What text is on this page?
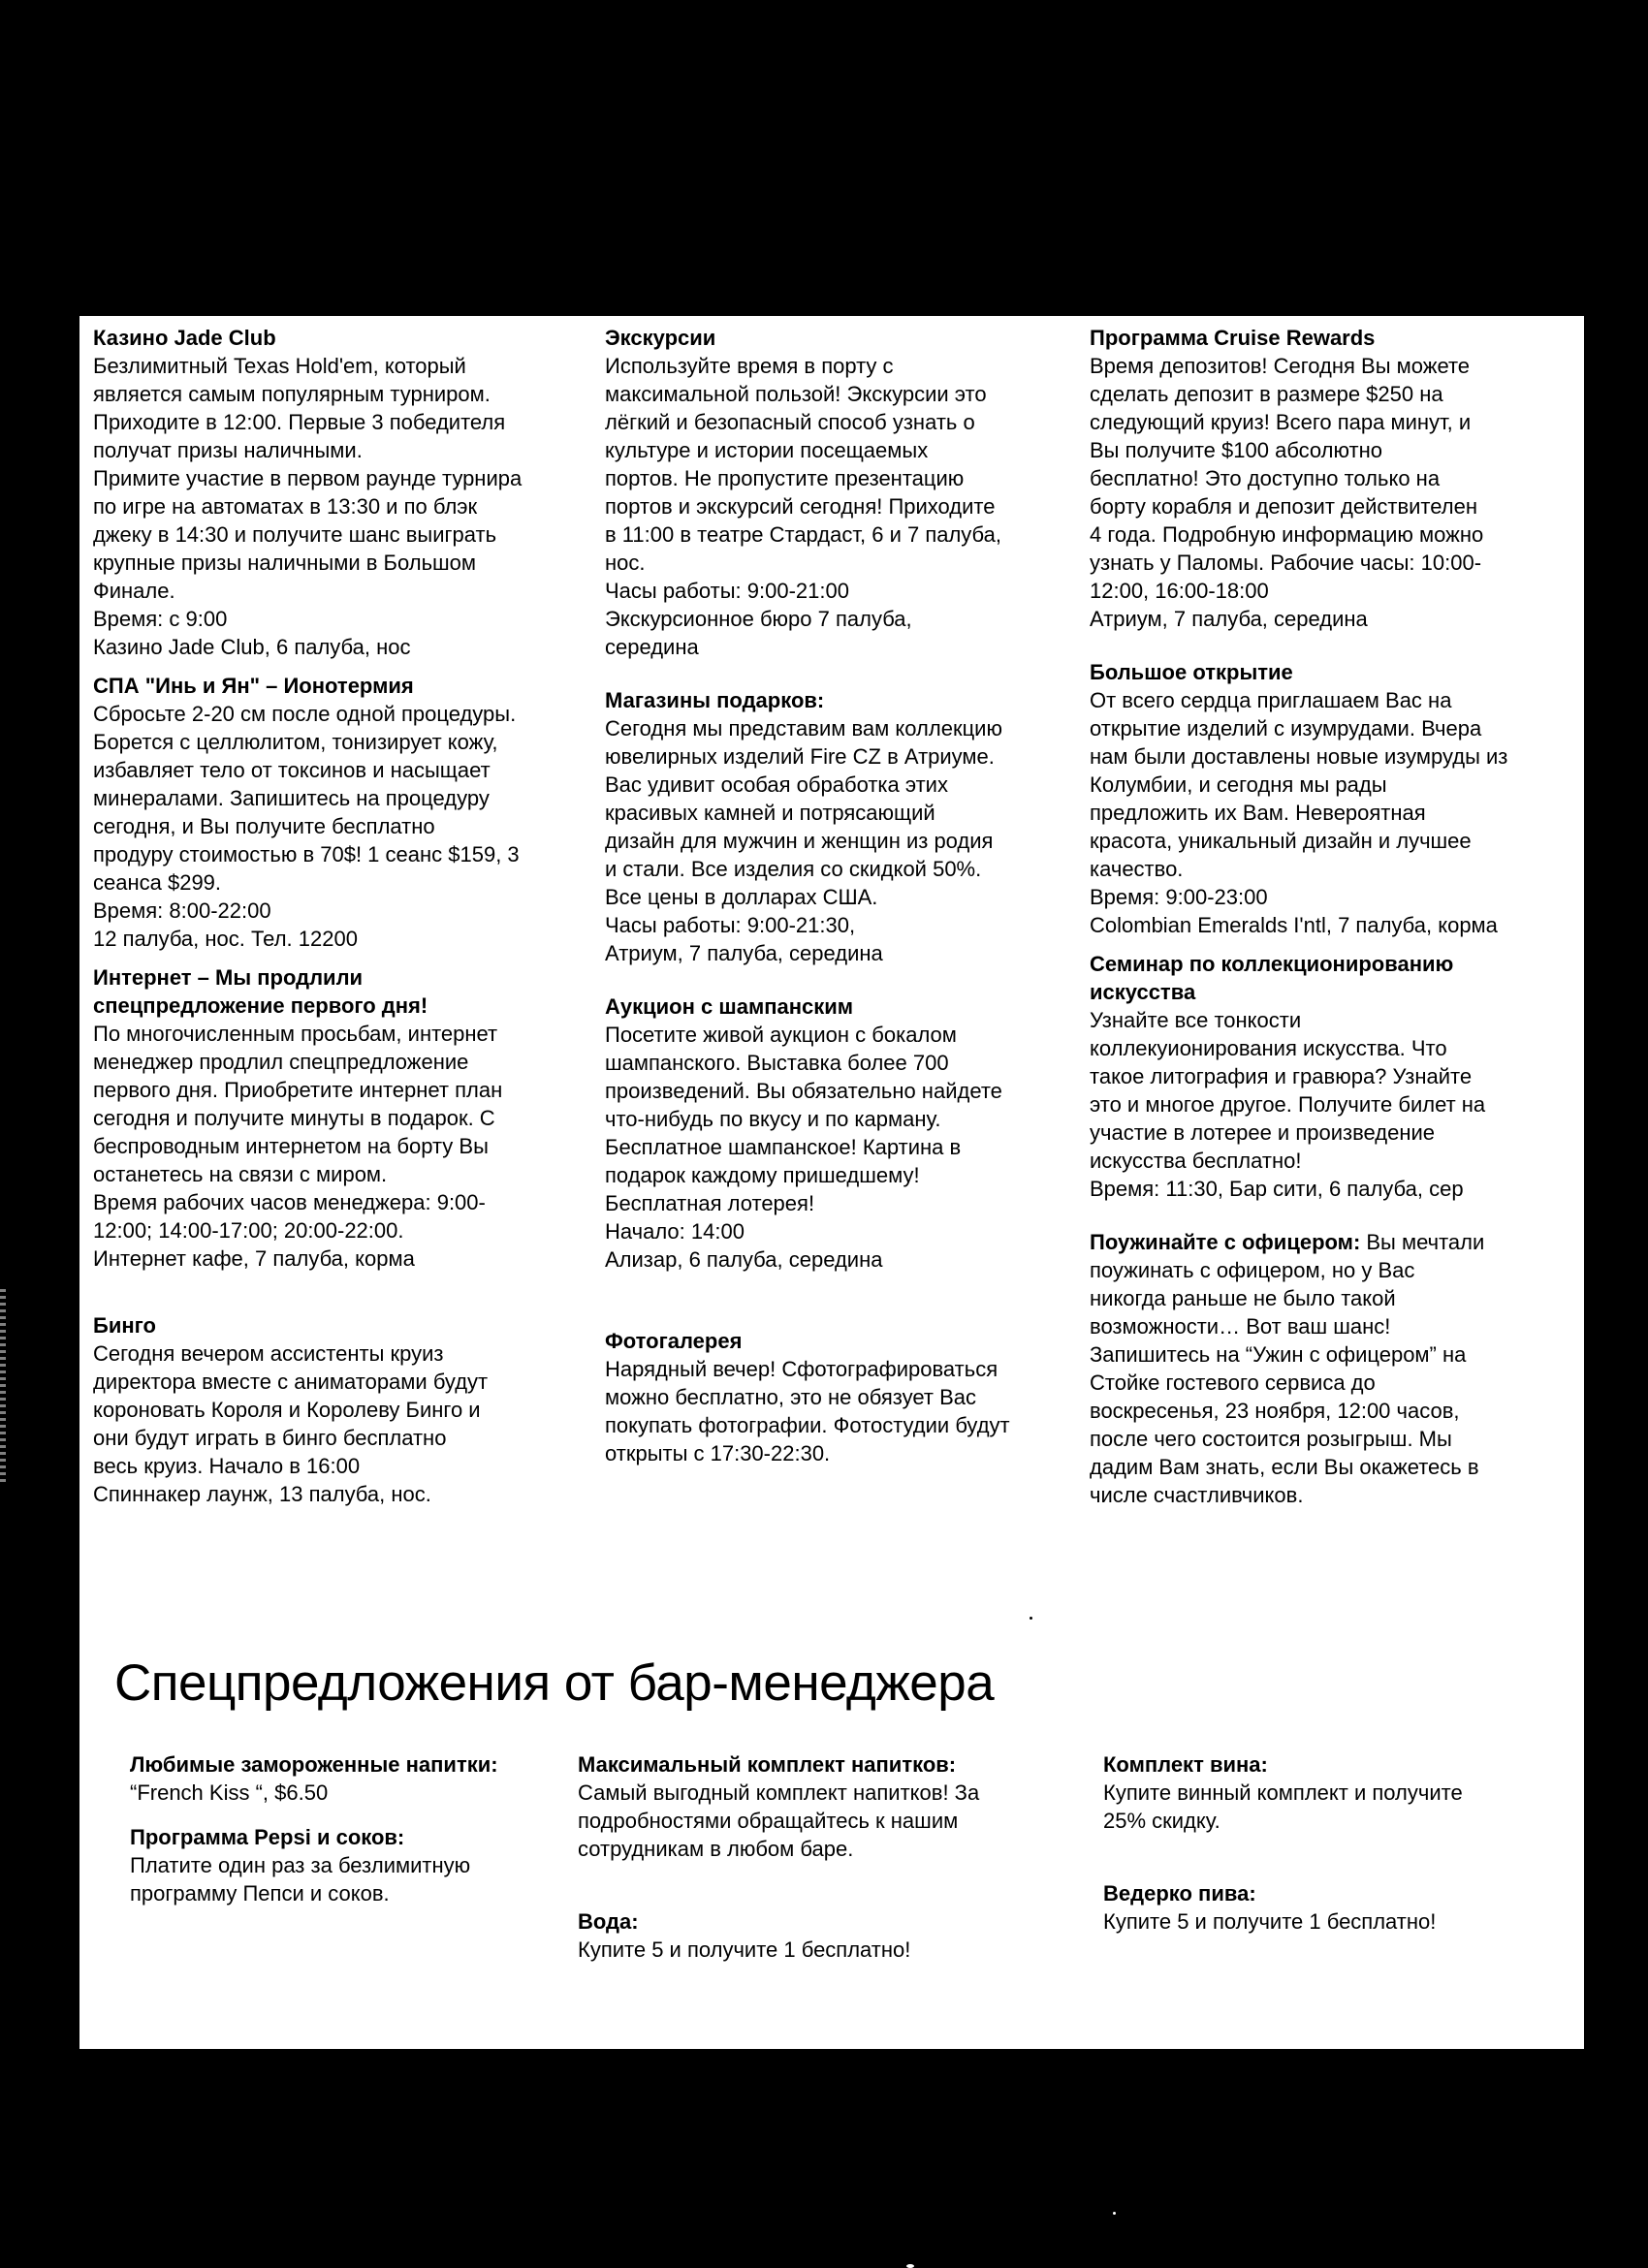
Казино Jade Club

Безлимитный Texas Hold'em, который
является самым популярным турниром.
Приходите в 12:00. Первые 3 победителя
получат призы наличными.
Примите участие в первом раунде турнира
по игре на автоматах в 13:30 и по блэк
джеку в 14:30 и получите шанс выиграть
крупные призы наличными в Большом
Финале.
Время: с 9:00
Казино Jade Club, 6 палуба, нос

СПА "Инь и Ян" – Ионотермия

Сбросьте 2-20 см после одной процедуры.
Борется с целлюлитом, тонизирует кожу,
избавляет тело от токсинов и насыщает
минералами. Запишитесь на процедуру
сегодня, и Вы получите бесплатно
продуру стоимостью в 70$! 1 сеанс $159, 3
сеанса $299.
Время: 8:00-22:00
12 палуба, нос. Тел. 12200

Интернет – Мы продлили
спецпредложение первого дня!

По многочисленным просьбам, интернет
менеджер продлил спецпредложение
первого дня. Приобретите интернет план
сегодня и получите минуты в подарок. С
беспроводным интернетом на борту Вы
останетесь на связи с миром.
Время рабочих часов менеджера: 9:00-
12:00; 14:00-17:00; 20:00-22:00.
Интернет кафе, 7 палуба, корма

Бинго

Сегодня вечером ассистенты круиз
директора вместе с аниматорами будут
короновать Короля и Королеву Бинго и
они будут играть в бинго бесплатно
весь круиз. Начало в 16:00
Спиннакер лаунж, 13 палуба, нос.

Экскурсии

Используйте время в порту с
максимальной пользой! Экскурсии это
лёгкий и безопасный способ узнать о
культуре и истории посещаемых
портов. Не пропустите презентацию
портов и экскурсий сегодня! Приходите
в 11:00 в театре Стардаст, 6 и 7 палуба,
нос.
Часы работы: 9:00-21:00
Экскурсионное бюро 7 палуба,
середина

Магазины подарков:

Сегодня мы представим вам коллекцию
ювелирных изделий Fire CZ в Атриуме.
Вас удивит особая обработка этих
красивых камней и потрясающий
дизайн для мужчин и женщин из родия
и стали. Все изделия со скидкой 50%.
Все цены в долларах США.
Часы работы: 9:00-21:30,
Атриум, 7 палуба, середина

Аукцион с шампанским

Посетите живой аукцион с бокалом
шампанского. Выставка более 700
произведений. Вы обязательно найдете
что-нибудь по вкусу и по карману.
Бесплатное шампанское! Картина в
подарок каждому пришедшему!
Бесплатная лотерея!
Начало: 14:00
Ализар, 6 палуба, середина

Фотогалерея

Нарядный вечер! Сфотографироваться
можно бесплатно, это не обязует Вас
покупать фотографии. Фотостудии будут
открыты с 17:30-22:30.

Программа Cruise Rewards

Время депозитов! Сегодня Вы можете
сделать депозит в размере $250 на
следующий круиз! Всего пара минут, и
Вы получите $100 абсолютно
бесплатно! Это доступно только на
борту корабля и депозит действителен
4 года. Подробную информацию можно
узнать у Паломы. Рабочие часы: 10:00-
12:00, 16:00-18:00
Атриум, 7 палуба, середина

Большое открытие

От всего сердца приглашаем Вас на
открытие изделий с изумрудами. Вчера
нам были доставлены новые изумруды из
Колумбии, и сегодня мы рады
предложить их Вам. Невероятная
красота, уникальный дизайн и лучшее
качество.
Время: 9:00-23:00
Colombian Emeralds I'ntl, 7 палуба, корма

Семинар по коллекционированию
искусства

Узнайте все тонкости
коллекуионирования искусства. Что
такое литография и гравюра? Узнайте
это и многое другое. Получите билет на
участие в лотерее и произведение
искусства бесплатно!
Время: 11:30, Бар сити, 6 палуба, сер

Поужинайте с офицером: Вы мечтали
поужинать с офицером, но у Вас
никогда раньше не было такой
возможности… Вот ваш шанс!
Запишитесь на “Ужин с офицером” на
Стойке гостевого сервиса до
воскресенья, 23 ноября, 12:00 часов,
после чего состоится розыгрыш. Мы
дадим Вам знать, если Вы окажетесь в
числе счастливчиков.

Спецпредложения от бар-менеджера
Любимые замороженные напитки:

“French Kiss “, $6.50

Программа Pepsi и соков:

Платите один раз за безлимитную
программу Пепси и соков.

Максимальный комплект напитков:

Самый выгодный комплект напитков! За
подробностями обращайтесь к нашим
сотрудникам в любом баре.

Вода:

Купите 5 и получите 1 бесплатно!

Комплект вина:

Купите винный комплект и получите
25% скидку.

Ведерко пива:

Купите 5 и получите 1 бесплатно!
